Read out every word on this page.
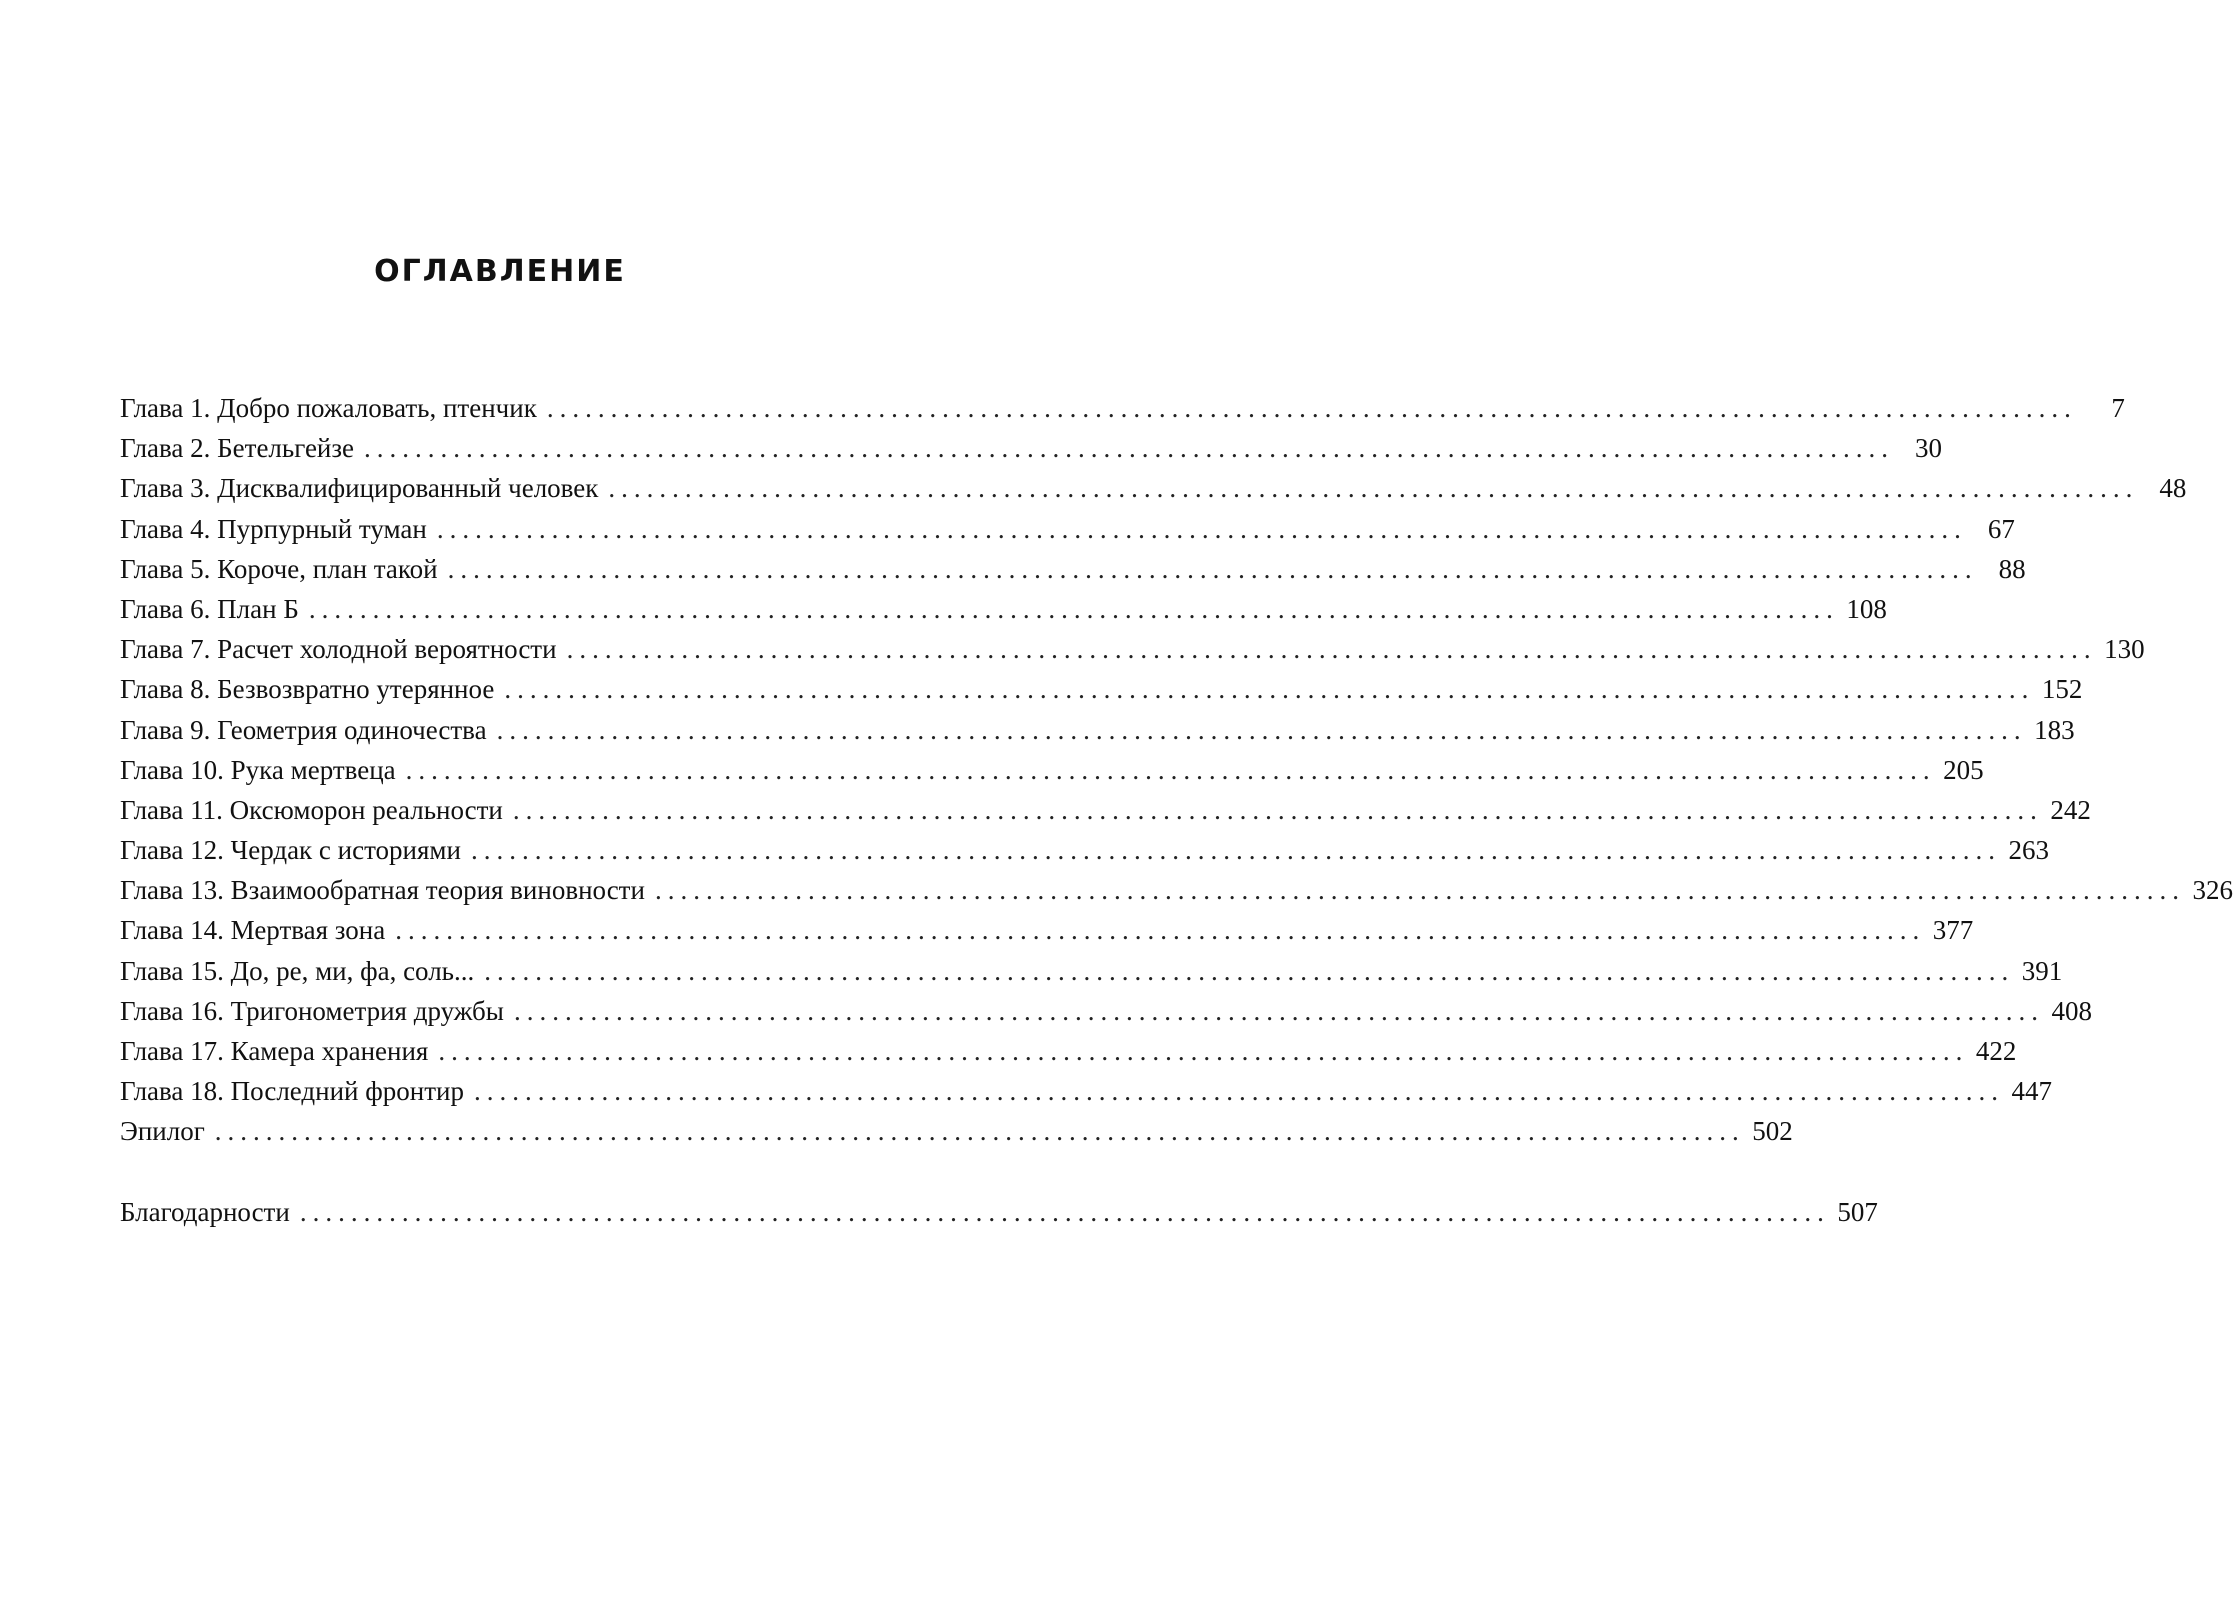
ОГЛАВЛЕНИЕ
Глава 1. Добро пожаловать, птенчик ........................................................................................................................	7
Глава 2. Бетельгейзе ........................................................................................................................ 30
Глава 3. Дисквалифицированный человек ........................................................................................................................ 48
Глава 4. Пурпурный туман ........................................................................................................................ 67
Глава 5. Короче, план такой ........................................................................................................................ 88
Глава 6. План Б ........................................................................................................................ 108
Глава 7. Расчет холодной вероятности ........................................................................................................................ 130
Глава 8. Безвозвратно утерянное ........................................................................................................................ 152
Глава 9. Геометрия одиночества ........................................................................................................................ 183
Глава 10. Рука мертвеца ........................................................................................................................ 205
Глава 11. Оксюморон реальности ........................................................................................................................ 242
Глава 12. Чердак с историями ........................................................................................................................ 263
Глава 13. Взаимообратная теория виновности ........................................................................................................................ 326
Глава 14. Мертвая зона ........................................................................................................................ 377
Глава 15. До, ре, ми, фа, соль... ........................................................................................................................ 391
Глава 16. Тригонометрия дружбы ........................................................................................................................ 408
Глава 17. Камера хранения ........................................................................................................................ 422
Глава 18. Последний фронтир ........................................................................................................................ 447
Эпилог ........................................................................................................................ 502
Благодарности ........................................................................................................................ 507
